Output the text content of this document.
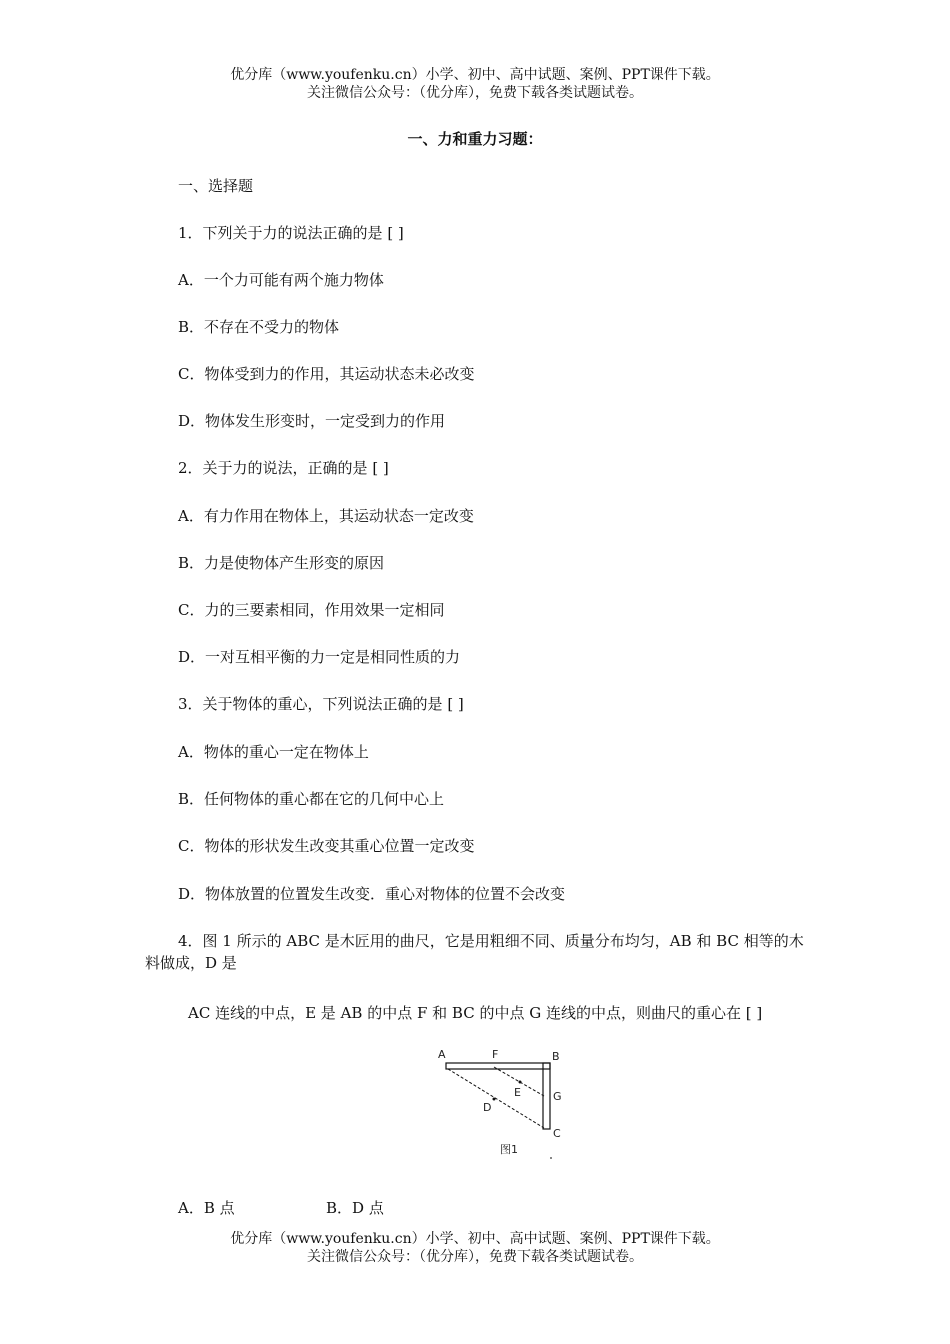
优分库（www.youfenku.cn）小学、初中、高中试题、案例、PPT课件下载。
关注微信公众号：（优分库），免费下载各类试题试卷。
一、力和重力习题：
一、选择题
1．下列关于力的说法正确的是 [ ]
A．一个力可能有两个施力物体
B．不存在不受力的物体
C．物体受到力的作用，其运动状态未必改变
D．物体发生形变时，一定受到力的作用
2．关于力的说法，正确的是 [ ]
A．有力作用在物体上，其运动状态一定改变
B．力是使物体产生形变的原因
C．力的三要素相同，作用效果一定相同
D．一对互相平衡的力一定是相同性质的力
3．关于物体的重心，下列说法正确的是 [ ]
A．物体的重心一定在物体上
B．任何物体的重心都在它的几何中心上
C．物体的形状发生改变其重心位置一定改变
D．物体放置的位置发生改变．重心对物体的位置不会改变
4．图 1 所示的 ABC 是木匠用的曲尺，它是用粗细不同、质量分布均匀，AB 和 BC 相等的木料做成，D 是
AC 连线的中点，E 是 AB 的中点 F 和 BC 的中点 G 连线的中点，则曲尺的重心在 [ ]
A	F	B
E	G
D
C
图1
A．B 点	B．D 点
优分库（www.youfenku.cn）小学、初中、高中试题、案例、PPT课件下载。
关注微信公众号：（优分库），免费下载各类试题试卷。
